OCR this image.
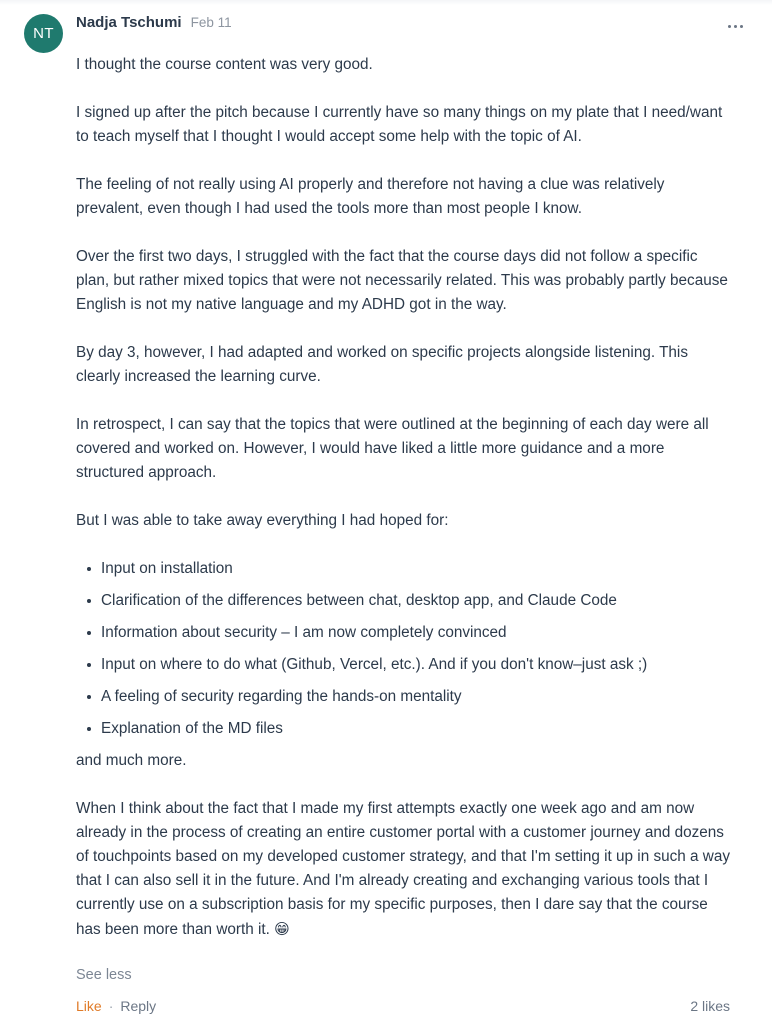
NT
Nadja Tschumi Feb 11

I thought the course content was very good.

I signed up after the pitch because I currently have so many things on my plate that I need/want to teach myself that I thought I would accept some help with the topic of AI.

The feeling of not really using AI properly and therefore not having a clue was relatively prevalent, even though I had used the tools more than most people I know.

Over the first two days, I struggled with the fact that the course days did not follow a specific plan, but rather mixed topics that were not necessarily related. This was probably partly because English is not my native language and my ADHD got in the way.

By day 3, however, I had adapted and worked on specific projects alongside listening. This clearly increased the learning curve.

In retrospect, I can say that the topics that were outlined at the beginning of each day were all covered and worked on. However, I would have liked a little more guidance and a more structured approach.

But I was able to take away everything I had hoped for:

Input on installation
Clarification of the differences between chat, desktop app, and Claude Code
Information about security – I am now completely convinced
Input on where to do what (Github, Vercel, etc.). And if you don't know–just ask ;)
A feeling of security regarding the hands-on mentality
Explanation of the MD files
and much more.

When I think about the fact that I made my first attempts exactly one week ago and am now already in the process of creating an entire customer portal with a customer journey and dozens of touchpoints based on my developed customer strategy, and that I'm setting it up in such a way that I can also sell it in the future. And I'm already creating and exchanging various tools that I currently use on a subscription basis for my specific purposes, then I dare say that the course has been more than worth it. 😁

See less
Like · Reply	2 likes
